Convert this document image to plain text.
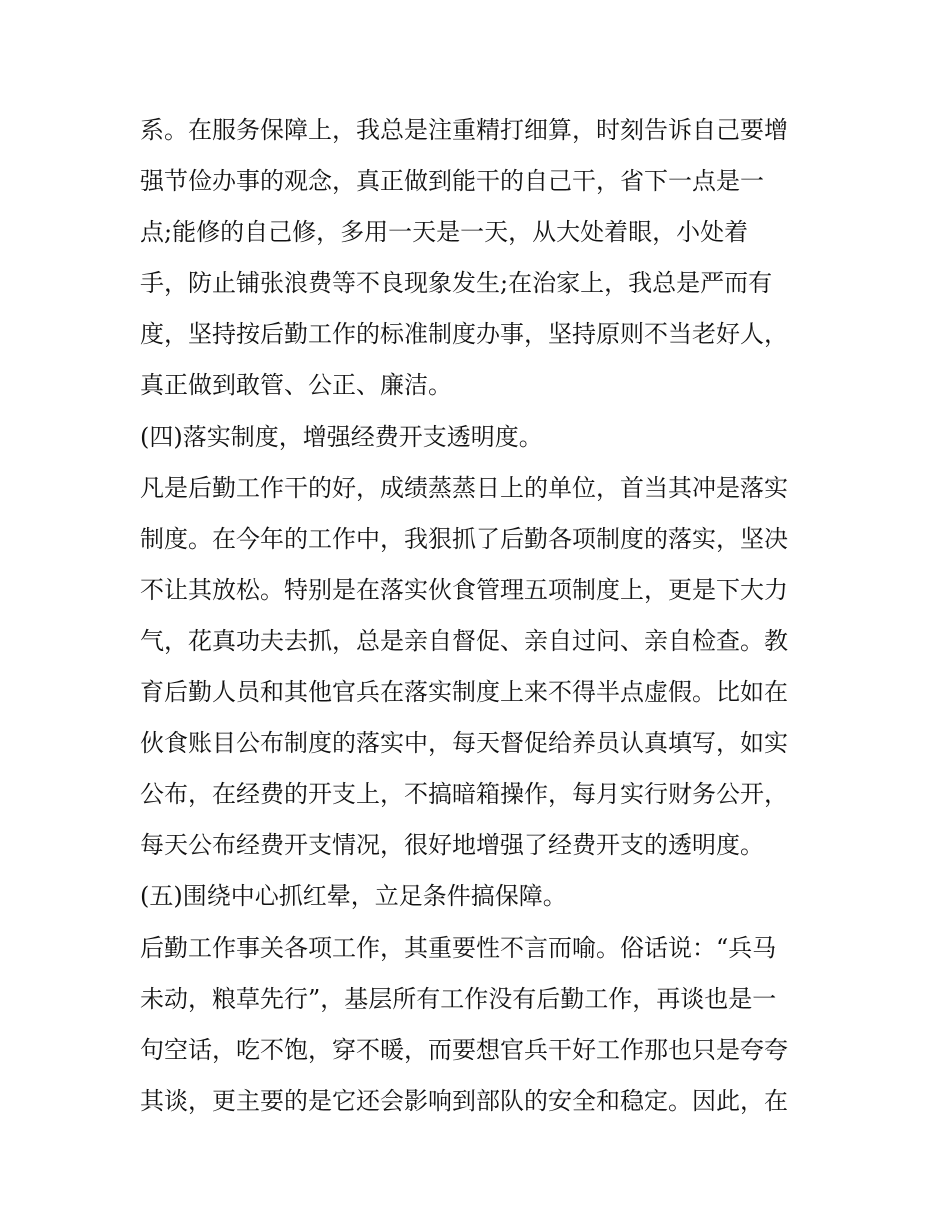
系。在服务保障上，我总是注重精打细算，时刻告诉自己要增
强节俭办事的观念，真正做到能干的自己干，省下一点是一
点;能修的自己修，多用一天是一天，从大处着眼，小处着
手，防止铺张浪费等不良现象发生;在治家上，我总是严而有
度，坚持按后勤工作的标准制度办事，坚持原则不当老好人，
真正做到敢管、公正、廉洁。
(四)落实制度，增强经费开支透明度。
凡是后勤工作干的好，成绩蒸蒸日上的单位，首当其冲是落实
制度。在今年的工作中，我狠抓了后勤各项制度的落实，坚决
不让其放松。特别是在落实伙食管理五项制度上，更是下大力
气，花真功夫去抓，总是亲自督促、亲自过问、亲自检查。教
育后勤人员和其他官兵在落实制度上来不得半点虚假。比如在
伙食账目公布制度的落实中，每天督促给养员认真填写，如实
公布，在经费的开支上，不搞暗箱操作，每月实行财务公开，
每天公布经费开支情况，很好地增强了经费开支的透明度。
(五)围绕中心抓红晕，立足条件搞保障。
后勤工作事关各项工作，其重要性不言而喻。俗话说：“兵马
未动，粮草先行”，基层所有工作没有后勤工作，再谈也是一
句空话，吃不饱，穿不暖，而要想官兵干好工作那也只是夸夸
其谈，更主要的是它还会影响到部队的安全和稳定。因此，在
